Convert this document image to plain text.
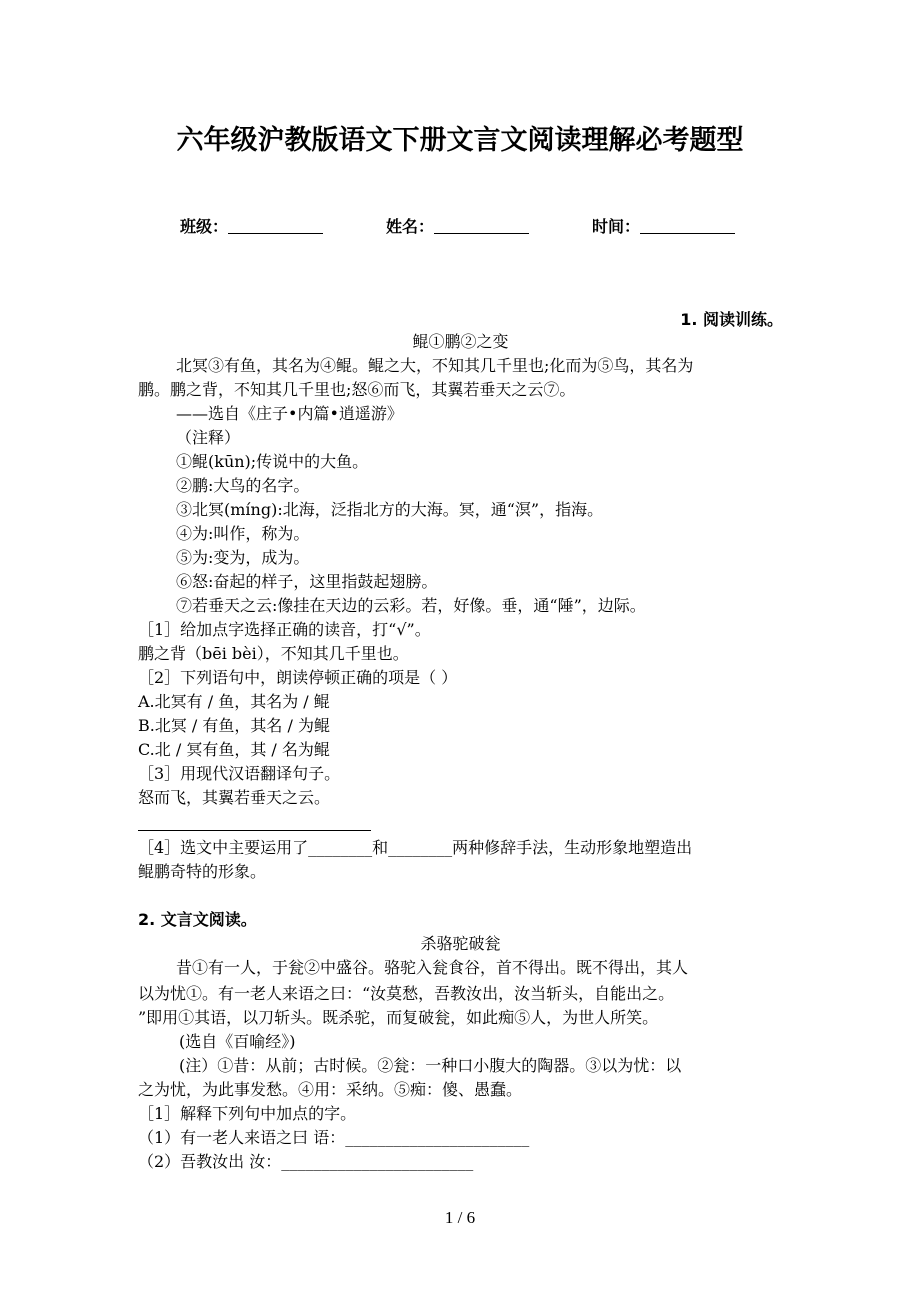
六年级沪教版语文下册文言文阅读理解必考题型
班级：	姓名：	时间：
1. 阅读训练。
鲲①鹏②之变
北冥③有鱼，其名为④鲲。鲲之大，不知其几千里也;化而为⑤鸟，其名为
鹏。鹏之背，不知其几千里也;怒⑥而飞，其翼若垂天之云⑦。
——选自《庄子•内篇•逍遥游》
（注释）
①鲲(kūn);传说中的大鱼。
②鹏:大鸟的名字。
③北冥(míng):北海，泛指北方的大海。冥，通“溟”，指海。
④为:叫作，称为。
⑤为:变为，成为。
⑥怒:奋起的样子，这里指鼓起翅膀。
⑦若垂天之云:像挂在天边的云彩。若，好像。垂，通“陲”，边际。
［1］给加点字选择正确的读音，打“√”。
鹏之背（bēi bèi），不知其几千里也。
［2］下列语句中，朗读停顿正确的项是（ ）
A.北冥有 / 鱼，其名为 / 鲲
B.北冥 / 有鱼，其名 / 为鲲
C.北 / 冥有鱼，其 / 名为鲲
［3］用现代汉语翻译句子。
怒而飞，其翼若垂天之云。
［4］选文中主要运用了________和________两种修辞手法，生动形象地塑造出
鲲鹏奇特的形象。
2. 文言文阅读。
杀骆驼破瓮
昔①有一人，于瓮②中盛谷。骆驼入瓮食谷，首不得出。既不得出，其人
以为忧①。有一老人来语之曰：“汝莫愁，吾教汝出，汝当斩头，自能出之。
”即用①其语，以刀斩头。既杀驼，而复破瓮，如此痴⑤人，为世人所笑。
(选自《百喻经》)
(注）①昔：从前；古时候。②瓮：一种口小腹大的陶器。③以为忧：以
之为忧，为此事发愁。④用：采纳。⑤痴：傻、愚蠢。
［1］解释下列句中加点的字。
（1）有一老人来语之曰 语：_______________________
（2）吾教汝出 汝：________________________
1 / 6
